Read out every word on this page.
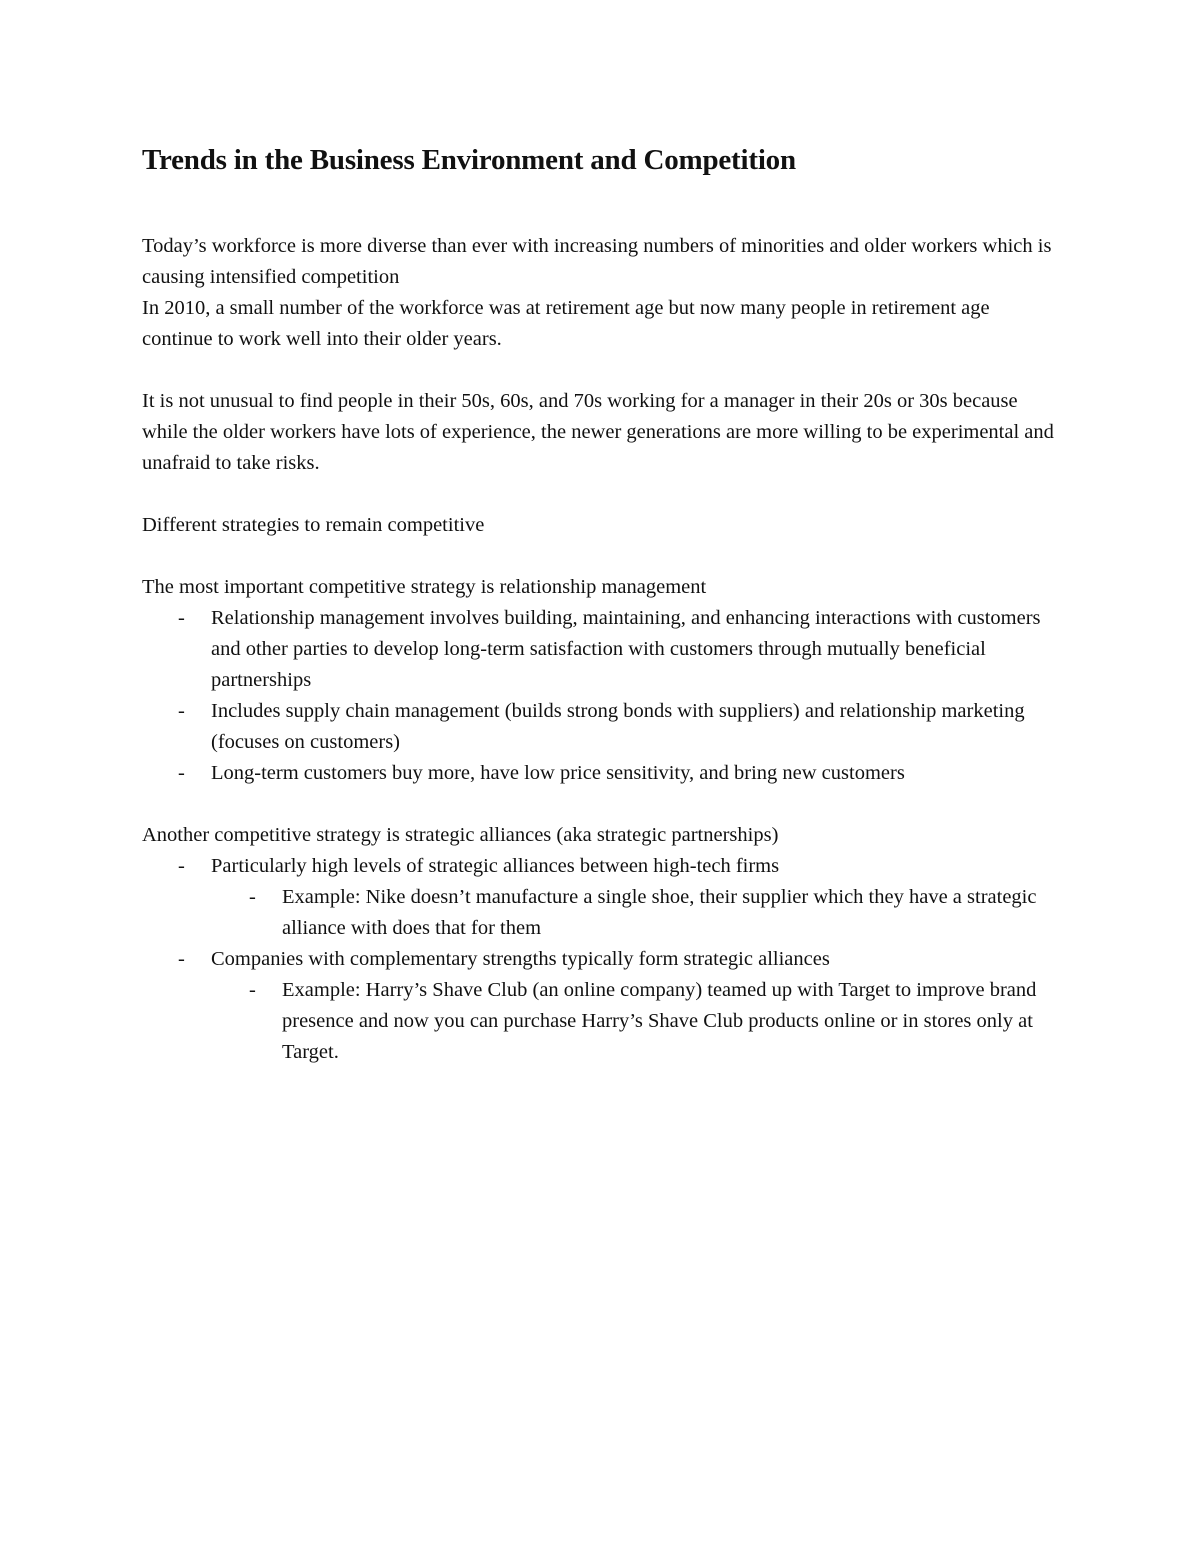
Trends in the Business Environment and Competition

Today’s workforce is more diverse than ever with increasing numbers of minorities and older workers which is causing intensified competition

In 2010, a small number of the workforce was at retirement age but now many people in retirement age continue to work well into their older years.

It is not unusual to find people in their 50s, 60s, and 70s working for a manager in their 20s or 30s because while the older workers have lots of experience, the newer generations are more willing to be experimental and unafraid to take risks.

Different strategies to remain competitive

The most important competitive strategy is relationship management

- Relationship management involves building, maintaining, and enhancing interactions with customers and other parties to develop long-term satisfaction with customers through mutually beneficial partnerships
- Includes supply chain management (builds strong bonds with suppliers) and relationship marketing (focuses on customers)
- Long-term customers buy more, have low price sensitivity, and bring new customers

Another competitive strategy is strategic alliances (aka strategic partnerships)

- Particularly high levels of strategic alliances between high-tech firms
- Example: Nike doesn’t manufacture a single shoe, their supplier which they have a strategic alliance with does that for them
- Companies with complementary strengths typically form strategic alliances
- Example: Harry’s Shave Club (an online company) teamed up with Target to improve brand presence and now you can purchase Harry’s Shave Club products online or in stores only at Target.
